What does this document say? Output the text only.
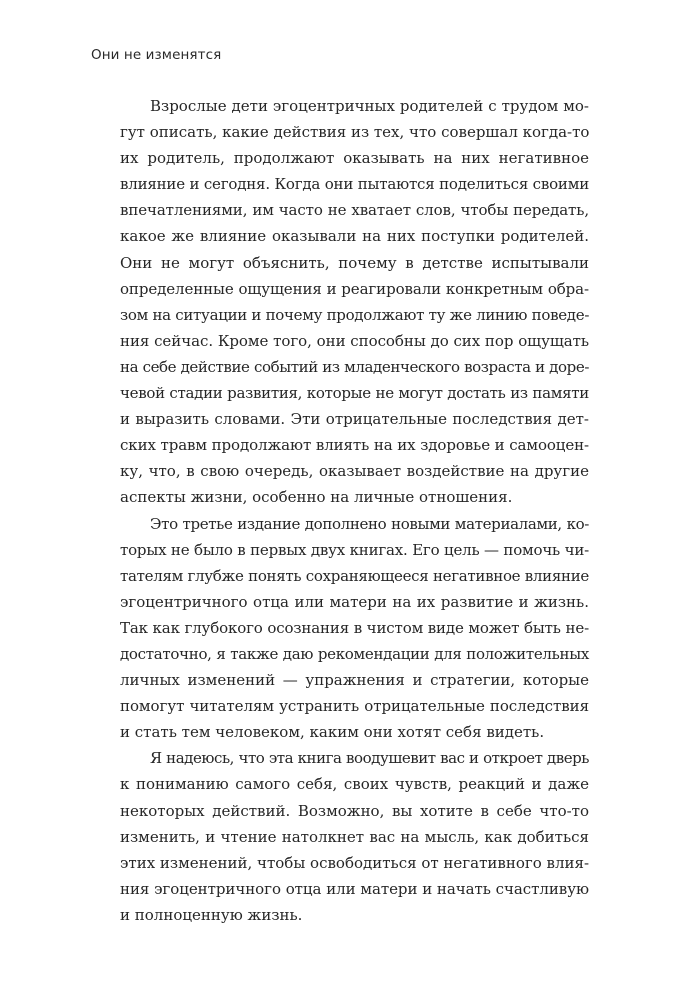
Они не изменятся

Взрослые дети эгоцентричных родителей с трудом мо-
гут описать, какие действия из тех, что совершал когда-то
их родитель, продолжают оказывать на них негативное
влияние и сегодня. Когда они пытаются поделиться своими
впечатлениями, им часто не хватает слов, чтобы передать,
какое же влияние оказывали на них поступки родителей.
Они не могут объяснить, почему в детстве испытывали
определенные ощущения и реагировали конкретным обра-
зом на ситуации и почему продолжают ту же линию поведе-
ния сейчас. Кроме того, они способны до сих пор ощущать
на себе действие событий из младенческого возраста и доре-
чевой стадии развития, которые не могут достать из памяти
и выразить словами. Эти отрицательные последствия дет-
ских травм продолжают влиять на их здоровье и самооцен-
ку, что, в свою очередь, оказывает воздействие на другие
аспекты жизни, особенно на личные отношения.

Это третье издание дополнено новыми материалами, ко-
торых не было в первых двух книгах. Его цель — помочь чи-
тателям глубже понять сохраняющееся негативное влияние
эгоцентричного отца или матери на их развитие и жизнь.
Так как глубокого осознания в чистом виде может быть не-
достаточно, я также даю рекомендации для положительных
личных изменений — упражнения и стратегии, которые
помогут читателям устранить отрицательные последствия
и стать тем человеком, каким они хотят себя видеть.

Я надеюсь, что эта книга воодушевит вас и откроет дверь
к пониманию самого себя, своих чувств, реакций и даже
некоторых действий. Возможно, вы хотите в себе что-то
изменить, и чтение натолкнет вас на мысль, как добиться
этих изменений, чтобы освободиться от негативного влия-
ния эгоцентричного отца или матери и начать счастливую
и полноценную жизнь.
